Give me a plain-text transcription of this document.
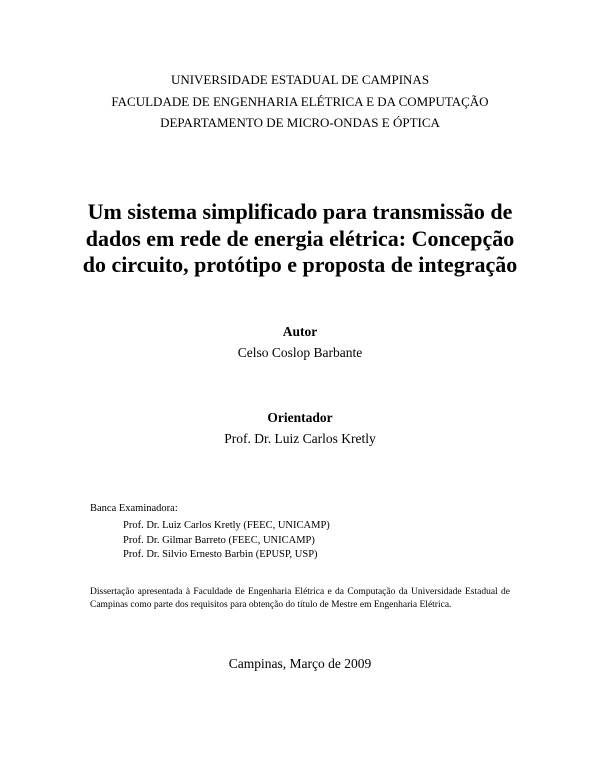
UNIVERSIDADE ESTADUAL DE CAMPINAS
FACULDADE DE ENGENHARIA ELÉTRICA E DA COMPUTAÇÃO
DEPARTAMENTO DE MICRO-ONDAS E ÓPTICA
Um sistema simplificado para transmissão de
dados em rede de energia elétrica: Concepção
do circuito, protótipo e proposta de integração
Autor
Celso Coslop Barbante
Orientador
Prof. Dr. Luiz Carlos Kretly
Banca Examinadora:
Prof. Dr. Luiz Carlos Kretly (FEEC, UNICAMP)
Prof. Dr. Gilmar Barreto (FEEC, UNICAMP)
Prof. Dr. Silvio Ernesto Barbin (EPUSP, USP)
Dissertação apresentada à Faculdade de Engenharia Elétrica e da Computação da Universidade Estadual de Campinas como parte dos requisitos para obtenção do título de Mestre em Engenharia Elétrica.
Campinas, Março de 2009
